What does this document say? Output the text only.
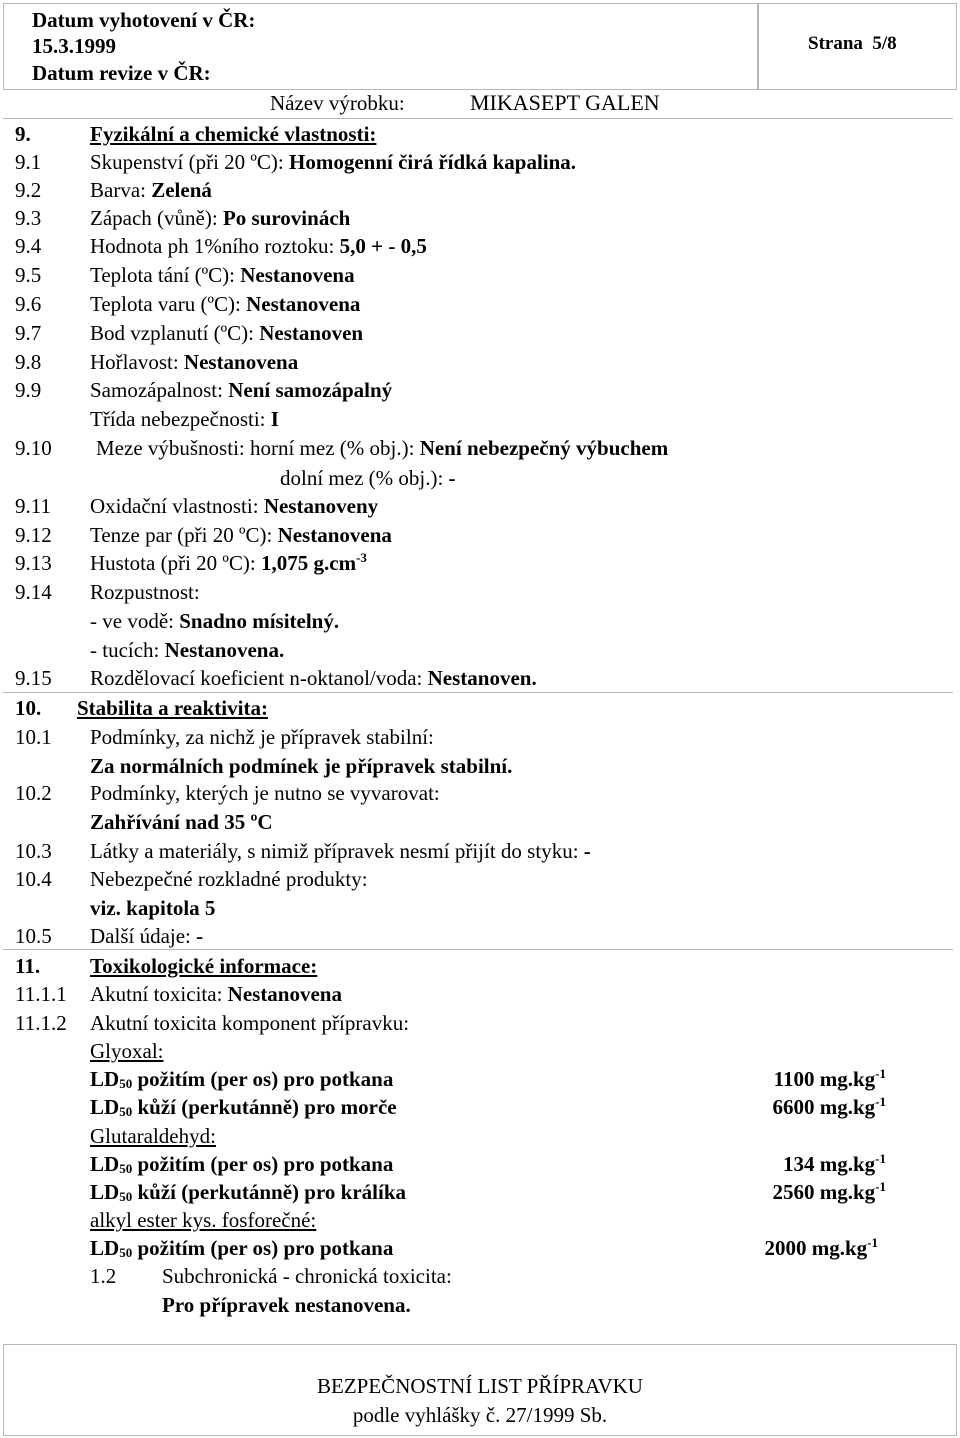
Datum vyhotovení v ČR:
15.3.1999
Datum revize v ČR:
Strana 5/8
Název výrobku:	MIKASEPT GALEN
9.	Fyzikální a chemické vlastnosti:
9.1 Skupenství (při 20 ºC): Homogenní čirá řídká kapalina.
9.2 Barva: Zelená
9.3 Zápach (vůně): Po surovinách
9.4 Hodnota ph 1%ního roztoku: 5,0 + - 0,5
9.5 Teplota tání (ºC): Nestanovena
9.6 Teplota varu (ºC): Nestanovena
9.7 Bod vzplanutí (ºC): Nestanoven
9.8 Hořlavost: Nestanovena
9.9 Samozápalnost: Není samozápalný
Třída nebezpečnosti: I
9.10 Meze výbušnosti: horní mez (% obj.): Není nebezpečný výbuchem
dolní mez (% obj.): -
9.11 Oxidační vlastnosti: Nestanoveny
9.12 Tenze par (při 20 ºC): Nestanovena
9.13 Hustota (při 20 ºC): 1,075 $g.cm^{-3}$
9.14 Rozpustnost:
- ve vodě: Snadno mísitelný.
- tucích: Nestanovena.
9.15 Rozdělovací koeficient n-oktanol/voda: Nestanoven.
10. Stabilita a reaktivita:
10.1 Podmínky, za nichž je přípravek stabilní:
Za normálních podmínek je přípravek stabilní.
10.2 Podmínky, kterých je nutno se vyvarovat:
Zahřívání nad 35 ºC
10.3 Látky a materiály, s nimiž přípravek nesmí přijít do styku: -
10.4 Nebezpečné rozkladné produkty:
viz. kapitola 5
10.5 Další údaje: -
11. Toxikologické informace:
11.1.1 Akutní toxicita: Nestanovena
11.1.2 Akutní toxicita komponent přípravku:
Glyoxal:
$LD_{50}$ požitím (per os) pro potkana	1100 $mg.kg^{-1}$
$LD_{50}$ kůží (perkutánně) pro morče	6600 $mg.kg^{-1}$
Glutaraldehyd:
$LD_{50}$ požitím (per os) pro potkana	134 $mg.kg^{-1}$
$LD_{50}$ kůží (perkutánně) pro králíka	2560 $mg.kg^{-1}$
alkyl ester kys. fosforečné:
$LD_{50}$ požitím (per os) pro potkana	2000 $mg.kg^{-1}$
1.2 Subchronická - chronická toxicita:
Pro přípravek nestanovena.
BEZPEČNOSTNÍ LIST PŘÍPRAVKU
podle vyhlášky č. 27/1999 Sb.
